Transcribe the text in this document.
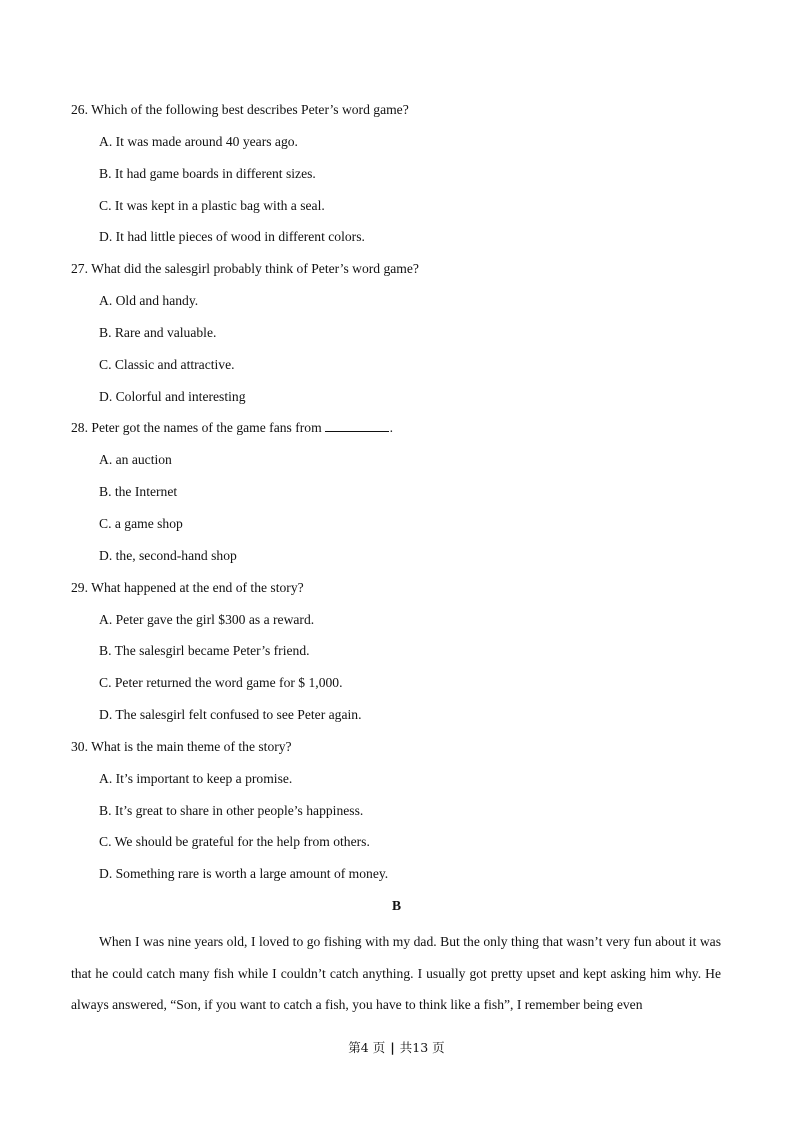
26. Which of the following best describes Peter’s word game?
A. It was made around 40 years ago.
B. It had game boards in different sizes.
C. It was kept in a plastic bag with a seal.
D. It had little pieces of wood in different colors.
27. What did the salesgirl probably think of Peter’s word game?
A. Old and handy.
B. Rare and valuable.
C. Classic and attractive.
D. Colorful and interesting
28. Peter got the names of the game fans from	.
A. an auction
B. the Internet
C. a game shop
D. the, second-hand shop
29. What happened at the end of the story?
A. Peter gave the girl $300 as a reward.
B. The salesgirl became Peter’s friend.
C. Peter returned the word game for $ 1,000.
D. The salesgirl felt confused to see Peter again.
30. What is the main theme of the story?
A. It’s important to keep a promise.
B. It’s great to share in other people’s happiness.
C. We should be grateful for the help from others.
D. Something rare is worth a large amount of money.
B

When I was nine years old, I loved to go fishing with my dad. But the only thing that wasn’t very fun about it was that he could catch many fish while I couldn’t catch anything. I usually got pretty upset and kept asking him why. He always answered, “Son, if you want to catch a fish, you have to think like a fish”, I remember being even

第4 页 | 共13 页
